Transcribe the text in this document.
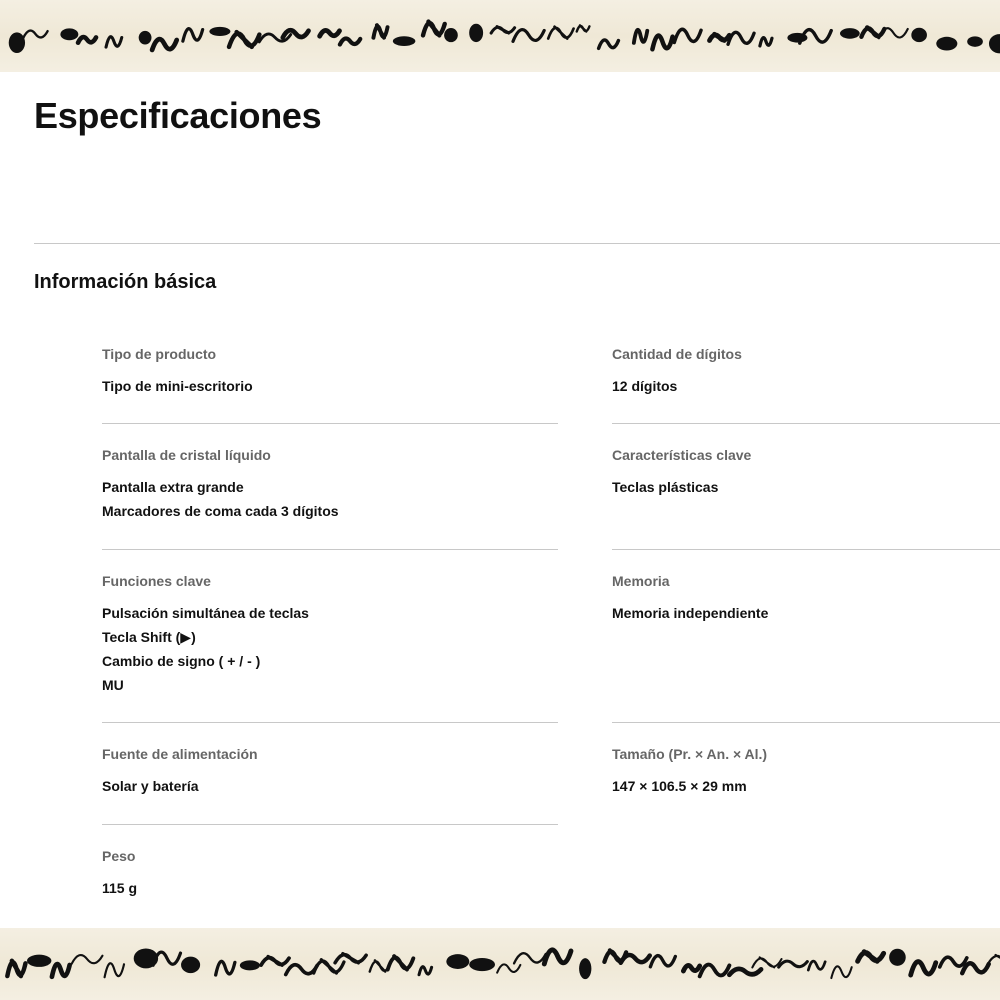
Especificaciones
Información básica
Tipo de producto
Tipo de mini-escritorio
Cantidad de dígitos
12 dígitos
Pantalla de cristal líquido
Pantalla extra grande
Marcadores de coma cada 3 dígitos
Características clave
Teclas plásticas
Funciones clave
Pulsación simultánea de teclas
Tecla Shift (▶)
Cambio de signo ( + / - )
MU
Memoria
Memoria independiente
Fuente de alimentación
Solar y batería
Tamaño (Pr. × An. × Al.)
147 × 106.5 × 29 mm
Peso
115 g
